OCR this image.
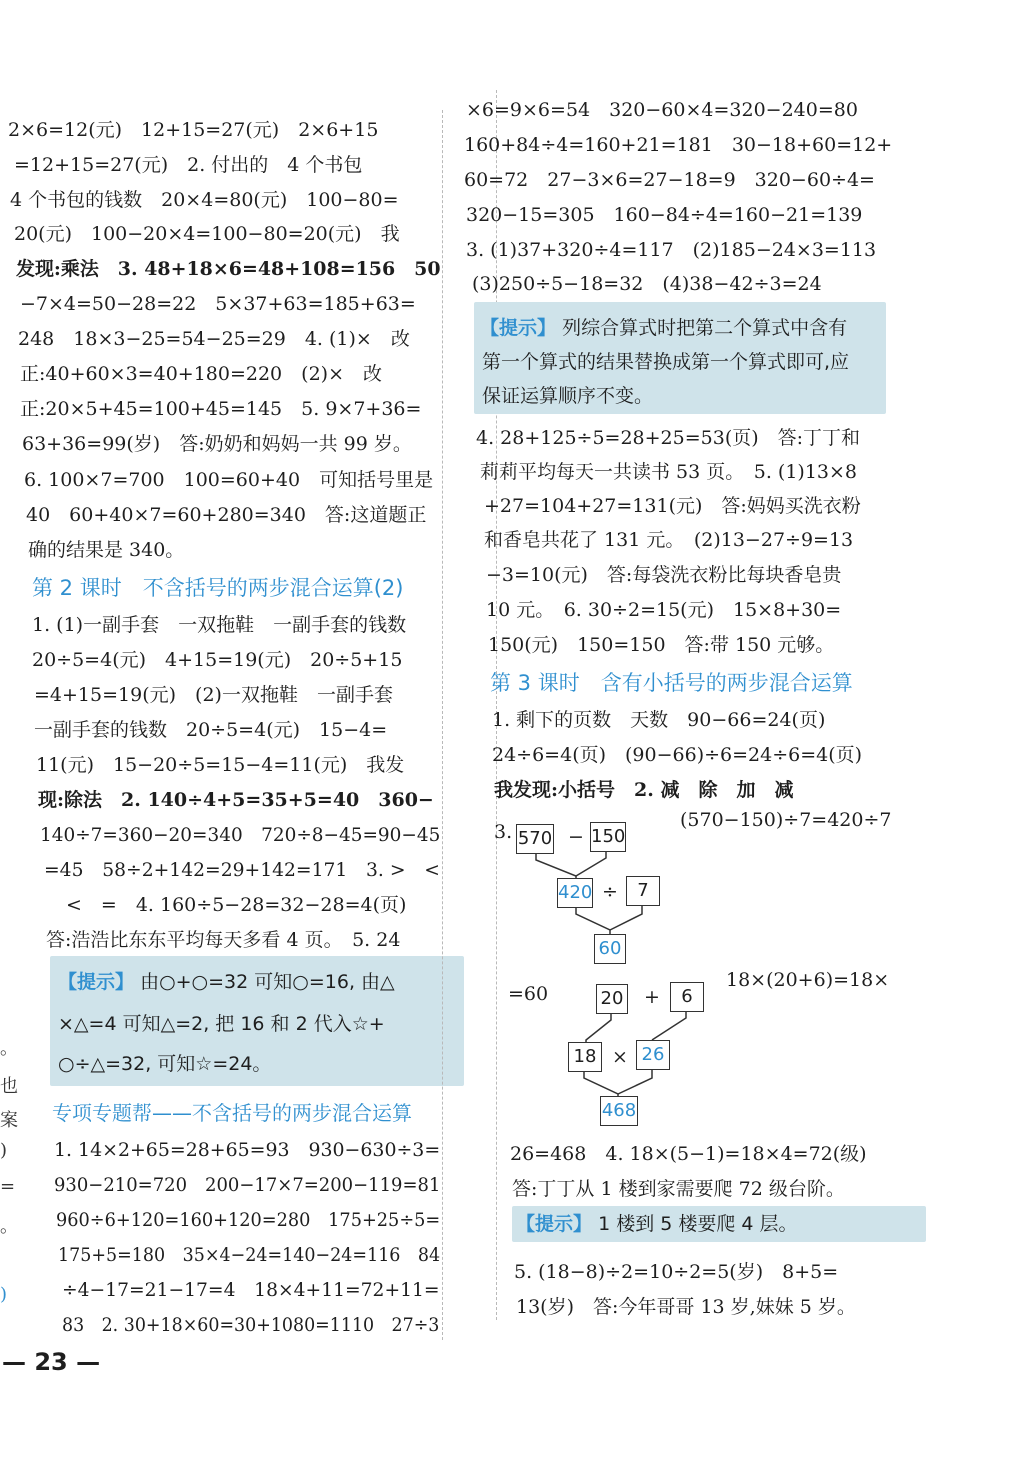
2×6=12(元)　12+15=27(元)　2×6+15
=12+15=27(元)　2. 付出的　4 个书包
4 个书包的钱数　20×4=80(元)　100−80=
20(元)　100−20×4=100−80=20(元)　我
发现:乘法　3. 48+18×6=48+108=156　50
−7×4=50−28=22　5×37+63=185+63=
248　18×3−25=54−25=29　4. (1)×　改
正:40+60×3=40+180=220　(2)×　改
正:20×5+45=100+45=145　5. 9×7+36=
63+36=99(岁)　答:奶奶和妈妈一共 99 岁。
6. 100×7=700　100=60+40　可知括号里是
40　60+40×7=60+280=340　答:这道题正
确的结果是 340。
第 2 课时　不含括号的两步混合运算(2)
1. (1)一副手套　一双拖鞋　一副手套的钱数
20÷5=4(元)　4+15=19(元)　20÷5+15
=4+15=19(元)　(2)一双拖鞋　一副手套
一副手套的钱数　20÷5=4(元)　15−4=
11(元)　15−20÷5=15−4=11(元)　我发
现:除法　2. 140÷4+5=35+5=40　360−
140÷7=360−20=340　720÷8−45=90−45
=45　58÷2+142=29+142=171　3. >　<
<　=　4. 160÷5−28=32−28=4(页)
答:浩浩比东东平均每天多看 4 页。　5. 24
【提示】 由○+○=32 可知○=16, 由△
×△=4 可知△=2, 把 16 和 2 代入☆+
○÷△=32, 可知☆=24。
专项专题帮——不含括号的两步混合运算
1. 14×2+65=28+65=93　930−630÷3=
930−210=720　200−17×7=200−119=81
960÷6+120=160+120=280　175+25÷5=
175+5=180　35×4−24=140−24=116　84
÷4−17=21−17=4　18×4+11=72+11=
83　2. 30+18×60=30+1080=1110　27÷3
×6=9×6=54　320−60×4=320−240=80
160+84÷4=160+21=181　30−18+60=12+
60=72　27−3×6=27−18=9　320−60÷4=
320−15=305　160−84÷4=160−21=139
3. (1)37+320÷4=117　(2)185−24×3=113
(3)250÷5−18=32　(4)38−42÷3=24
【提示】 列综合算式时把第二个算式中含有
第一个算式的结果替换成第一个算式即可,应
保证运算顺序不变。
4. 28+125÷5=28+25=53(页)　答:丁丁和
莉莉平均每天一共读书 53 页。　5. (1)13×8
+27=104+27=131(元)　答:妈妈买洗衣粉
和香皂共花了 131 元。　(2)13−27÷9=13
−3=10(元)　答:每袋洗衣粉比每块香皂贵
10 元。　6. 30÷2=15(元)　15×8+30=
150(元)　150=150　答:带 150 元够。
第 3 课时　含有小括号的两步混合运算
1. 剩下的页数　天数　90−66=24(页)
24÷6=4(页)　(90−66)÷6=24÷6=4(页)
我发现:小括号　2. 减　除　加　减
3.
(570−150)÷7=420÷7
570 − 150
420 ÷	7
60
=60
18×(20+6)=18×
20 +	6
18 × 26
468
26=468　4. 18×(5−1)=18×4=72(级)
答:丁丁从 1 楼到家需要爬 72 级台阶。
【提示】 1 楼到 5 楼要爬 4 层。
5. (18−8)÷2=10÷2=5(岁)　8+5=
13(岁)　答:今年哥哥 13 岁,妹妹 5 岁。
。
也
案
)
=
。
)
— 23 —
